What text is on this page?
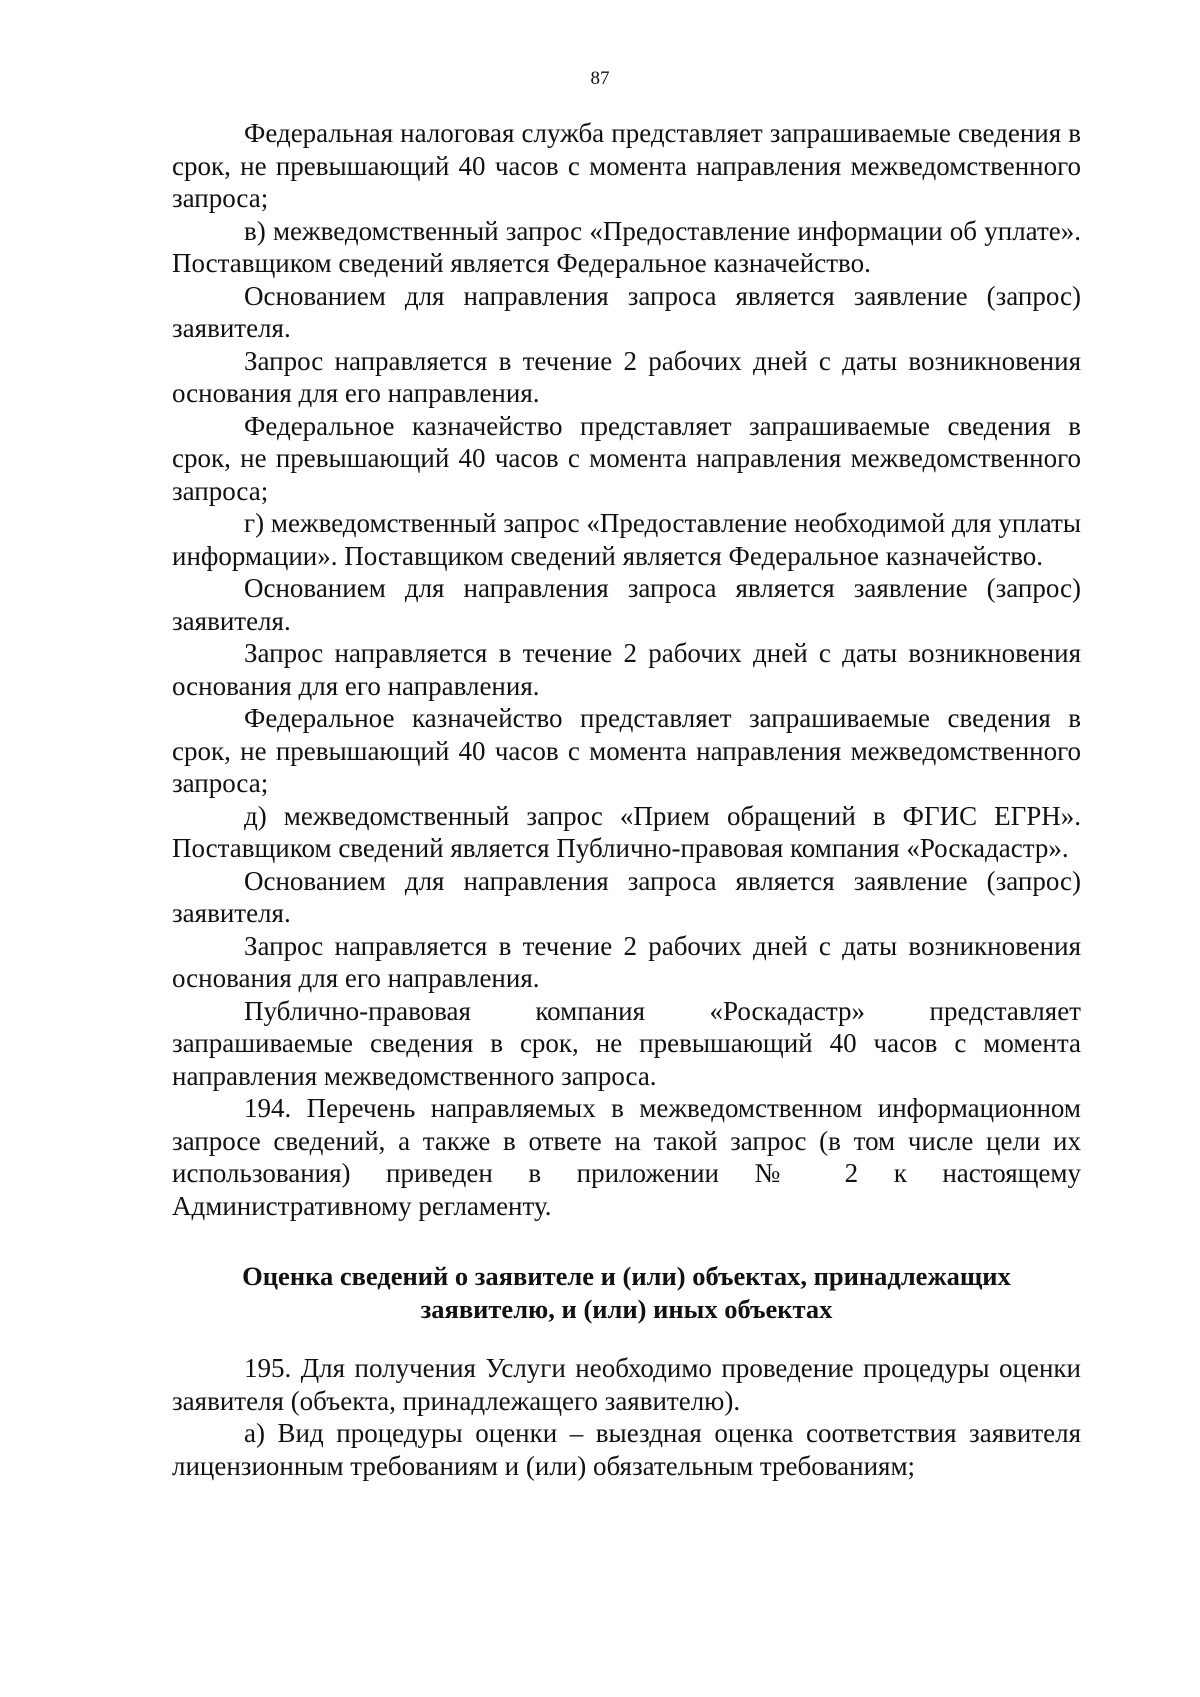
87

Федеральная налоговая служба представляет запрашиваемые сведения в срок, не превышающий 40 часов с момента направления межведомственного запроса;

в) межведомственный запрос «Предоставление информации об уплате». Поставщиком сведений является Федеральное казначейство.

Основанием для направления запроса является заявление (запрос) заявителя.

Запрос направляется в течение 2 рабочих дней с даты возникновения основания для его направления.

Федеральное казначейство представляет запрашиваемые сведения в срок, не превышающий 40 часов с момента направления межведомственного запроса;

г) межведомственный запрос «Предоставление необходимой для уплаты информации». Поставщиком сведений является Федеральное казначейство.

Основанием для направления запроса является заявление (запрос) заявителя.

Запрос направляется в течение 2 рабочих дней с даты возникновения основания для его направления.

Федеральное казначейство представляет запрашиваемые сведения в срок, не превышающий 40 часов с момента направления межведомственного запроса;

д) межведомственный запрос «Прием обращений в ФГИС ЕГРН». Поставщиком сведений является Публично-правовая компания «Роскадастр».

Основанием для направления запроса является заявление (запрос) заявителя.

Запрос направляется в течение 2 рабочих дней с даты возникновения основания для его направления.

Публично-правовая компания «Роскадастр» представляет запрашиваемые сведения в срок, не превышающий 40 часов с момента направления межведомственного запроса.

194. Перечень направляемых в межведомственном информационном запросе сведений, а также в ответе на такой запрос (в том числе цели их использования) приведен в приложении № 2 к настоящему Административному регламенту.

Оценка сведений о заявителе и (или) объектах, принадлежащих заявителю, и (или) иных объектах

195. Для получения Услуги необходимо проведение процедуры оценки заявителя (объекта, принадлежащего заявителю).

а) Вид процедуры оценки – выездная оценка соответствия заявителя лицензионным требованиям и (или) обязательным требованиям;
